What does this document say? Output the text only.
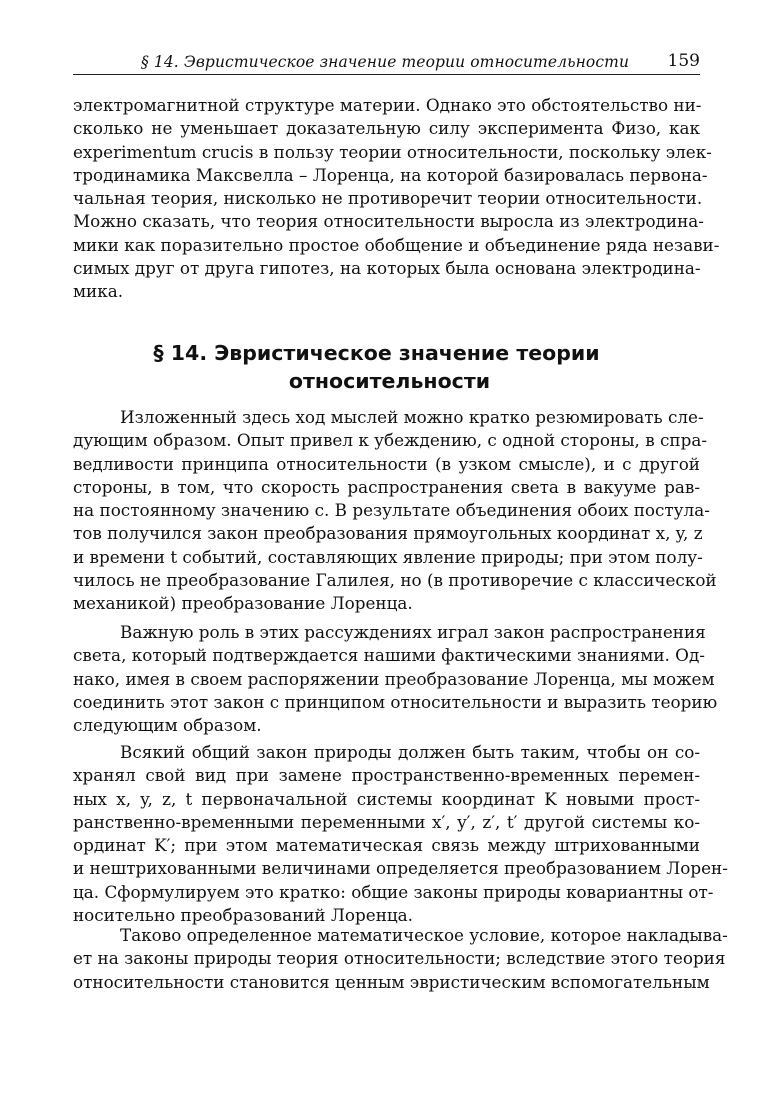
§ 14. Эвристическое значение теории относительности 159
электромагнитной структуре материи. Однако это обстоятельство ни-
сколько не уменьшает доказательную силу эксперимента Физо, как
experimentum crucis в пользу теории относительности, поскольку элек-
тродинамика Максвелла – Лоренца, на которой базировалась первона-
чальная теория, нисколько не противоречит теории относительности.
Можно сказать, что теория относительности выросла из электродина-
мики как поразительно простое обобщение и объединение ряда незави-
симых друг от друга гипотез, на которых была основана электродина-
мика.
§ 14. Эвристическое значение теории
относительности
Изложенный здесь ход мыслей можно кратко резюмировать сле-
дующим образом. Опыт привел к убеждению, с одной стороны, в спра-
ведливости принципа относительности (в узком смысле), и с другой
стороны, в том, что скорость распространения света в вакууме рав-
на постоянному значению c. В результате объединения обоих постула-
тов получился закон преобразования прямоугольных координат x, y, z
и времени t событий, составляющих явление природы; при этом полу-
чилось не преобразование Галилея, но (в противоречие с классической
механикой) преобразование Лоренца.
Важную роль в этих рассуждениях играл закон распространения
света, который подтверждается нашими фактическими знаниями. Од-
нако, имея в своем распоряжении преобразование Лоренца, мы можем
соединить этот закон с принципом относительности и выразить теорию
следующим образом.
Всякий общий закон природы должен быть таким, чтобы он со-
хранял свой вид при замене пространственно-временных перемен-
ных x, y, z, t первоначальной системы координат K новыми прост-
ранственно-временными переменными x′, y′, z′, t′ другой системы ко-
ординат K′; при этом математическая связь между штрихованными
и нештрихованными величинами определяется преобразованием Лорен-
ца. Сформулируем это кратко: общие законы природы ковариантны от-
носительно преобразований Лоренца.
Таково определенное математическое условие, которое накладыва-
ет на законы природы теория относительности; вследствие этого теория
относительности становится ценным эвристическим вспомогательным
